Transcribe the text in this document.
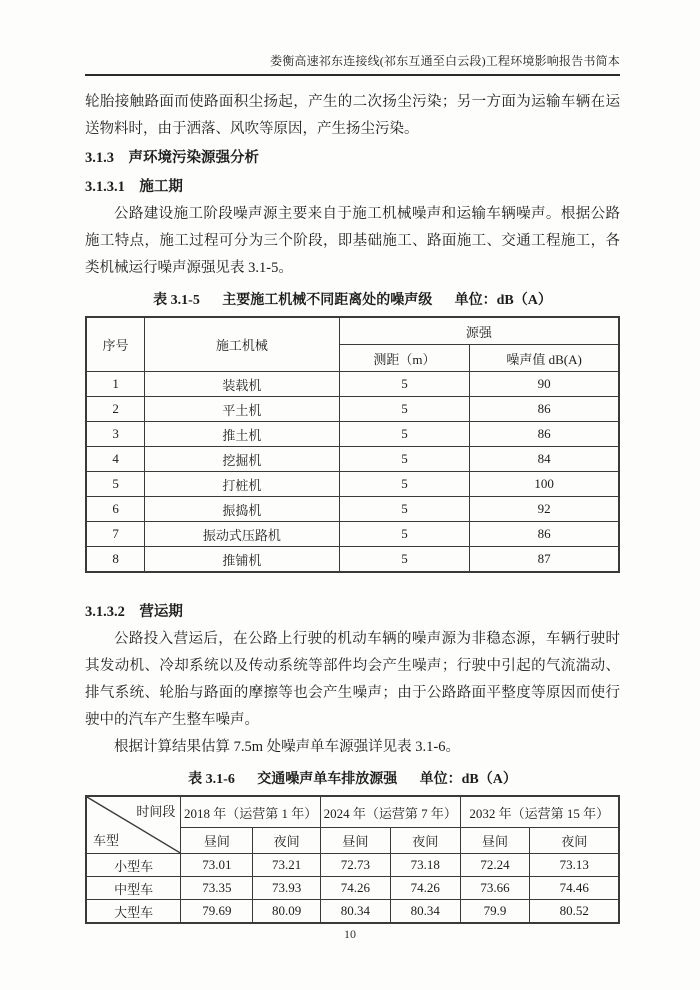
娄衡高速祁东连接线(祁东互通至白云段)工程环境影响报告书简本

轮胎接触路面而使路面积尘扬起，产生的二次扬尘污染；另一方面为运输车辆在运送物料时，由于洒落、风吹等原因，产生扬尘污染。

3.1.3 声环境污染源强分析

3.1.3.1 施工期

公路建设施工阶段噪声源主要来自于施工机械噪声和运输车辆噪声。根据公路施工特点，施工过程可分为三个阶段，即基础施工、路面施工、交通工程施工，各类机械运行噪声源强见表 3.1-5。

表 3.1-5 主要施工机械不同距离处的噪声级 单位：dB（A）
序号	施工机械	源强	
		测距（m）	噪声值 dB(A)
1	装载机	5	90
2	平土机	5	86
3	推土机	5	86
4	挖掘机	5	84
5	打桩机	5	100
6	振捣机	5	92
7	振动式压路机	5	86
8	推铺机	5	87

3.1.3.2 营运期

公路投入营运后，在公路上行驶的机动车辆的噪声源为非稳态源，车辆行驶时其发动机、冷却系统以及传动系统等部件均会产生噪声；行驶中引起的气流湍动、排气系统、轮胎与路面的摩擦等也会产生噪声；由于公路路面平整度等原因而使行驶中的汽车产生整车噪声。

根据计算结果估算 7.5m 处噪声单车源强详见表 3.1-6。

表 3.1-6 交通噪声单车排放源强 单位：dB（A）
时间段
车型	2018 年（运营第 1 年）		2024 年（运营第 7 年）		2032 年（运营第 15 年）	
	昼间	夜间	昼间	夜间	昼间	夜间
小型车	73.01	73.21	72.73	73.18	72.24	73.13
中型车	73.35	73.93	74.26	74.26	73.66	74.46
大型车	79.69	80.09	80.34	80.34	79.9	80.52
10
